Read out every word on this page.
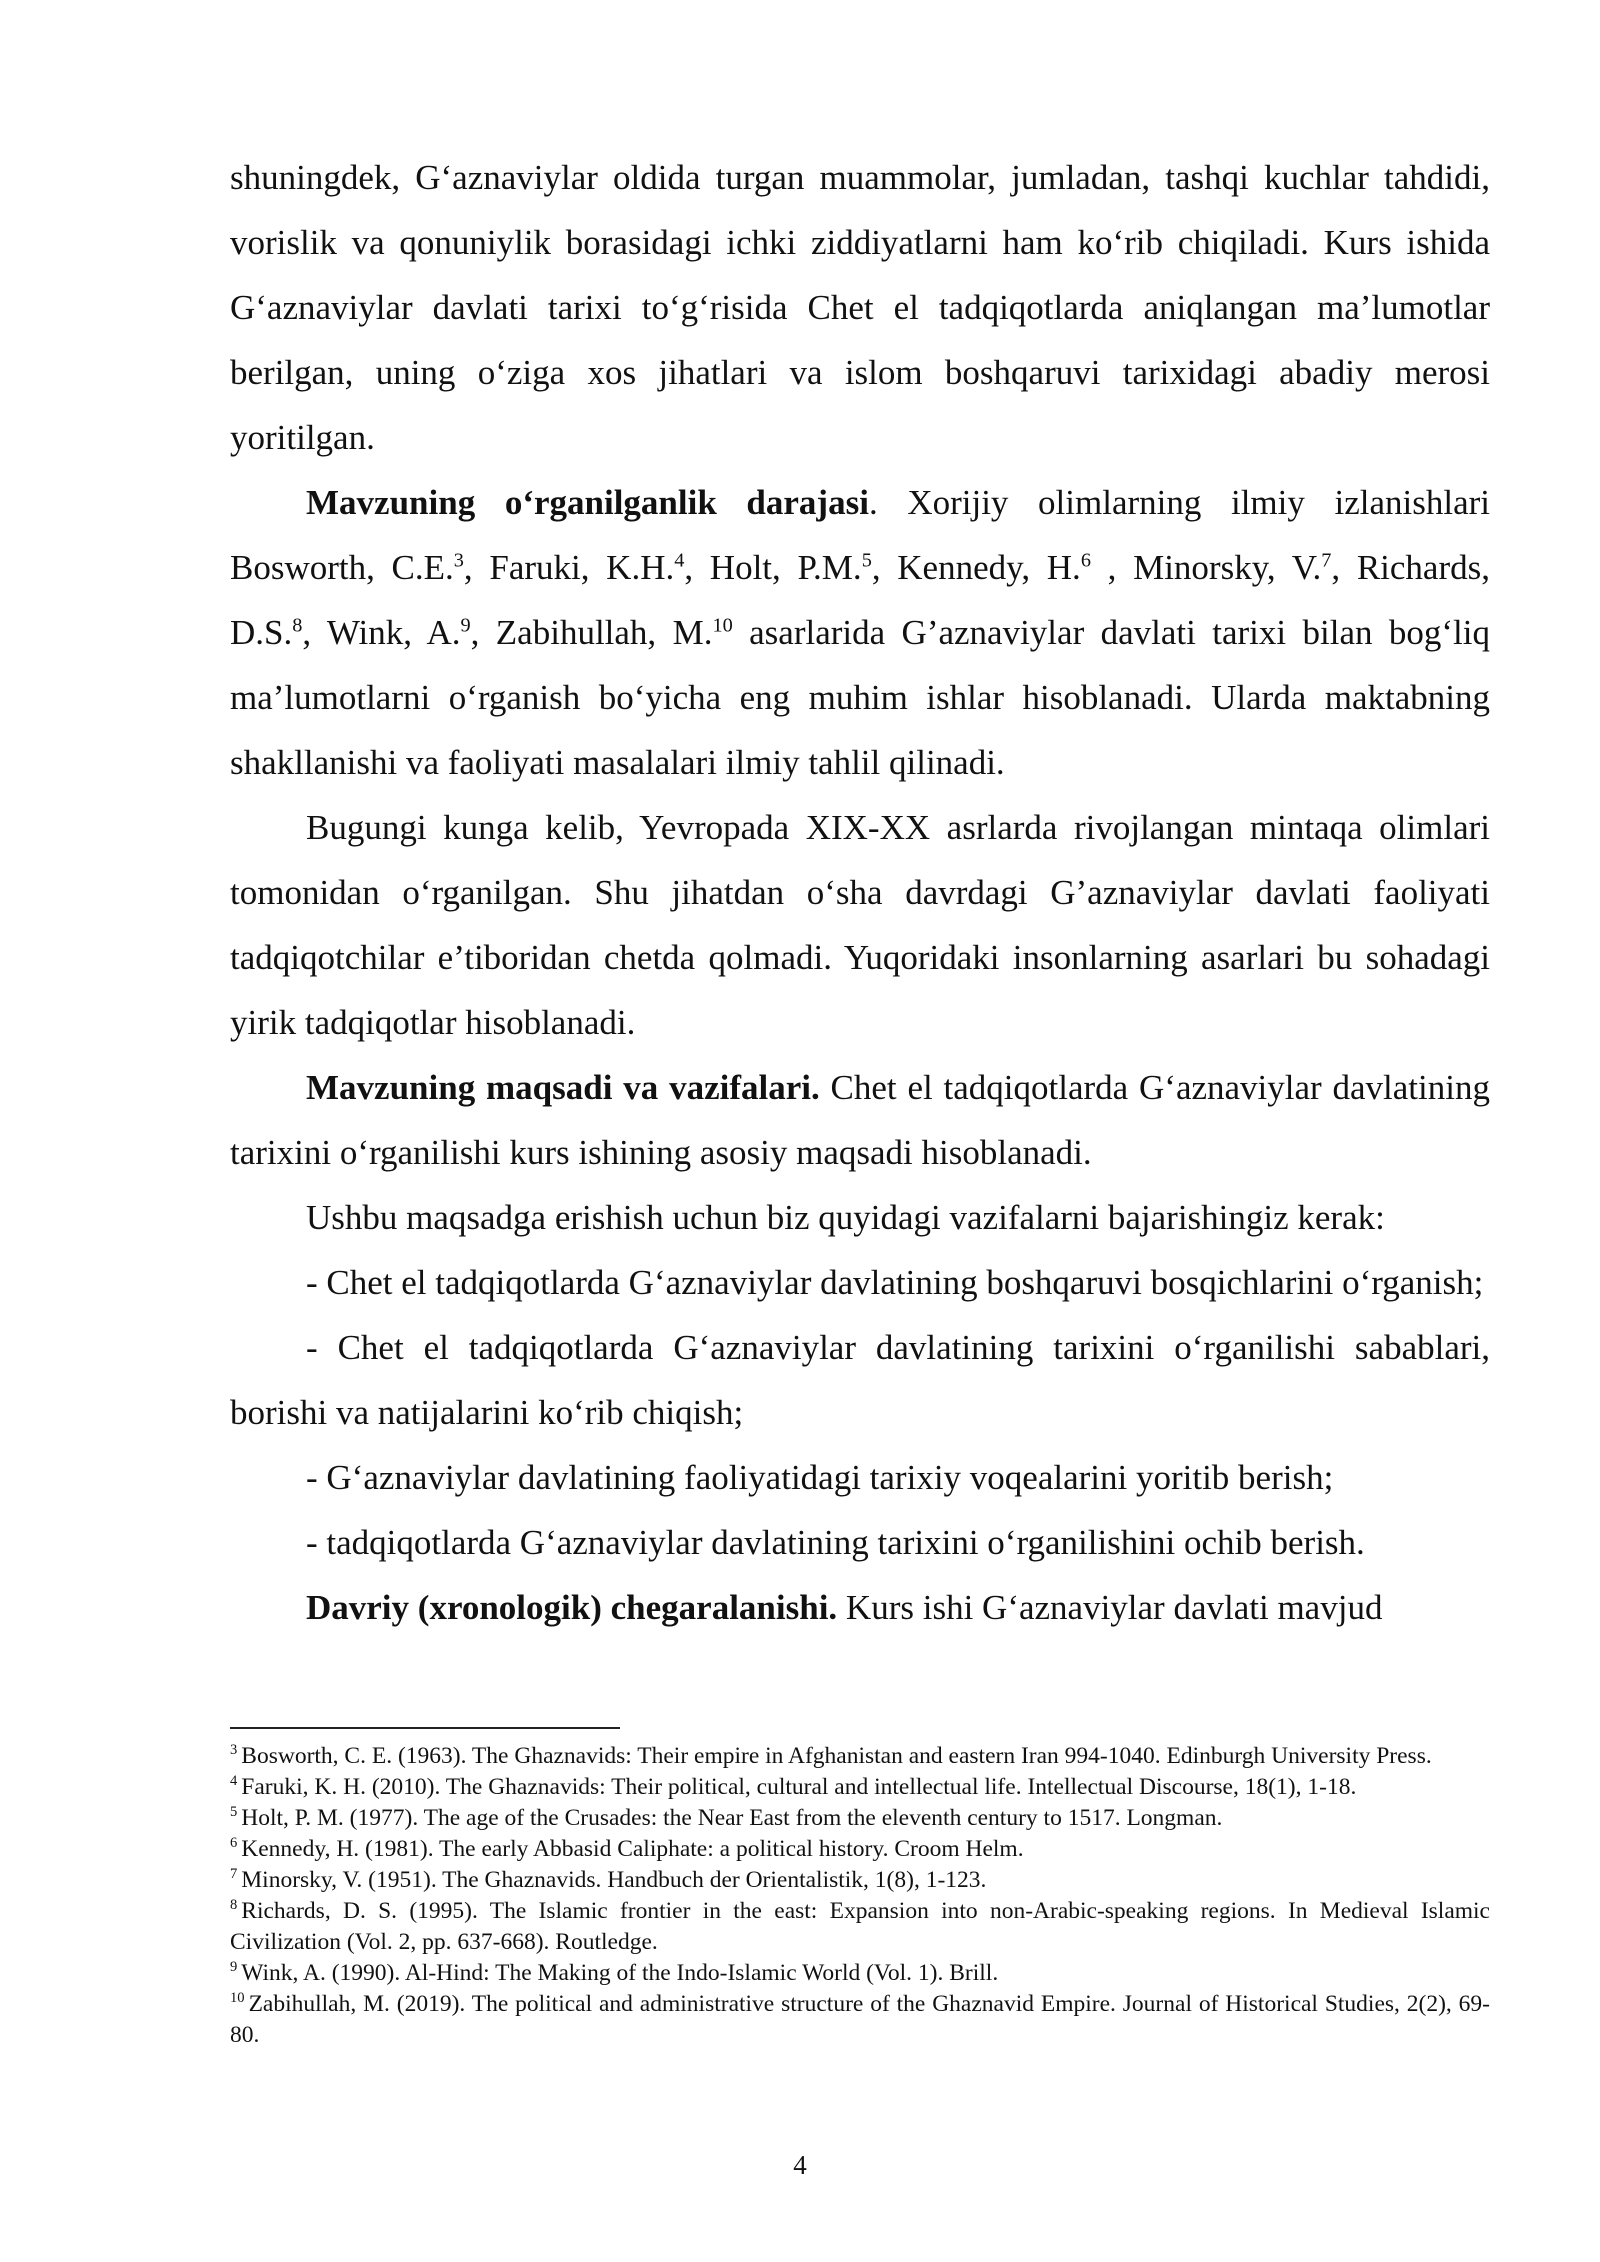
shuningdek, G‘aznaviylar oldida turgan muammolar, jumladan, tashqi kuchlar tahdidi, vorislik va qonuniylik borasidagi ichki ziddiyatlarni ham ko‘rib chiqiladi. Kurs ishida G‘aznaviylar davlati tarixi to‘g‘risida Chet el tadqiqotlarda aniqlangan ma’lumotlar berilgan, uning o‘ziga xos jihatlari va islom boshqaruvi tarixidagi abadiy merosi yoritilgan.

Mavzuning o‘rganilganlik darajasi. Xorijiy olimlarning ilmiy izlanishlari Bosworth, C.E.$^3$, Faruki, K.H.$^4$, Holt, P.M.$^5$, Kennedy, H.$^6$ , Minorsky, V.$^7$, Richards, D.S.$^8$, Wink, A.$^9$, Zabihullah, M.$^{10}$ asarlarida G’aznaviylar davlati tarixi bilan bog‘liq ma’lumotlarni o‘rganish bo‘yicha eng muhim ishlar hisoblanadi. Ularda maktabning shakllanishi va faoliyati masalalari ilmiy tahlil qilinadi.

Bugungi kunga kelib, Yevropada XIX-XX asrlarda rivojlangan mintaqa olimlari tomonidan o‘rganilgan. Shu jihatdan o‘sha davrdagi G’aznaviylar davlati faoliyati tadqiqotchilar e’tiboridan chetda qolmadi. Yuqoridaki insonlarning asarlari bu sohadagi yirik tadqiqotlar hisoblanadi.

Mavzuning maqsadi va vazifalari. Chet el tadqiqotlarda G‘aznaviylar davlatining tarixini o‘rganilishi kurs ishining asosiy maqsadi hisoblanadi.

Ushbu maqsadga erishish uchun biz quyidagi vazifalarni bajarishingiz kerak:

- Chet el tadqiqotlarda G‘aznaviylar davlatining boshqaruvi bosqichlarini o‘rganish;

- Chet el tadqiqotlarda G‘aznaviylar davlatining tarixini o‘rganilishi sabablari, borishi va natijalarini ko‘rib chiqish;

- G‘aznaviylar davlatining faoliyatidagi tarixiy voqealarini yoritib berish;

- tadqiqotlarda G‘aznaviylar davlatining tarixini o‘rganilishini ochib berish.

Davriy (xronologik) chegaralanishi. Kurs ishi G‘aznaviylar davlati mavjud

$^3$ Bosworth, C. E. (1963). The Ghaznavids: Their empire in Afghanistan and eastern Iran 994-1040. Edinburgh University Press.

$^4$ Faruki, K. H. (2010). The Ghaznavids: Their political, cultural and intellectual life. Intellectual Discourse, 18(1), 1-18.

$^5$ Holt, P. M. (1977). The age of the Crusades: the Near East from the eleventh century to 1517. Longman.

$^6$ Kennedy, H. (1981). The early Abbasid Caliphate: a political history. Croom Helm.

$^7$ Minorsky, V. (1951). The Ghaznavids. Handbuch der Orientalistik, 1(8), 1-123.

$^8$ Richards, D. S. (1995). The Islamic frontier in the east: Expansion into non-Arabic-speaking regions. In Medieval Islamic Civilization (Vol. 2, pp. 637-668). Routledge.

$^9$ Wink, A. (1990). Al-Hind: The Making of the Indo-Islamic World (Vol. 1). Brill.

$^{10}$ Zabihullah, M. (2019). The political and administrative structure of the Ghaznavid Empire. Journal of Historical Studies, 2(2), 69-80.

4
